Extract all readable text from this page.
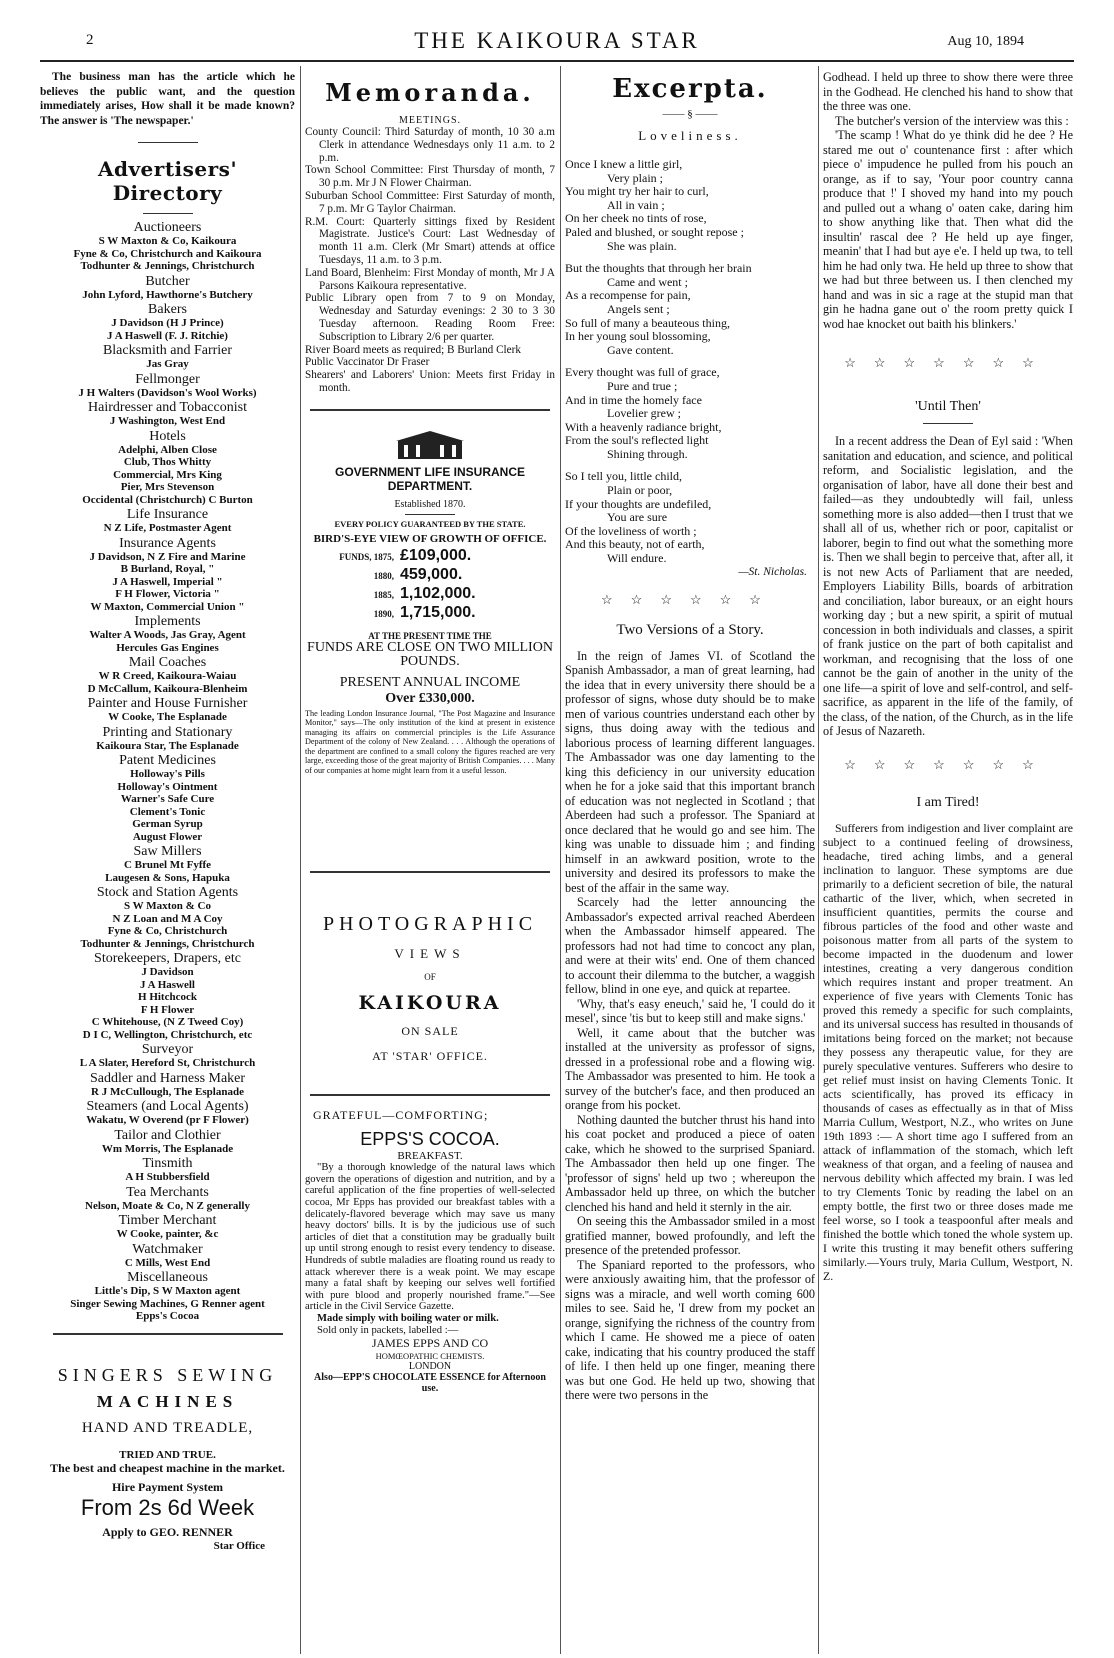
2	THE KAIKOURA STAR	Aug 10, 1894

The business man has the article which he believes the public want, and the question immediately arises, How shall it be made known? The answer is 'The newspaper.'

Advertisers' Directory
Auctioneers
S W Maxton & Co, Kaikoura
Fyne & Co, Christchurch and Kaikoura
Todhunter & Jennings, Christchurch
Butcher
John Lyford, Hawthorne's Butchery
Bakers
J Davidson (H J Prince)
J A Haswell (F. J. Ritchie)
Blacksmith and Farrier
Jas Gray
Fellmonger
J H Walters (Davidson's Wool Works)
Hairdresser and Tobacconist
J Washington, West End
Hotels
Adelphi, Alben Close
Club, Thos Whitty
Commercial, Mrs King
Pier, Mrs Stevenson
Occidental (Christchurch) C Burton
Life Insurance
N Z Life, Postmaster Agent
Insurance Agents
J Davidson, N Z Fire and Marine
B Burland, Royal, "
J A Haswell, Imperial "
F H Flower, Victoria "
W Maxton, Commercial Union "
Implements
Walter A Woods, Jas Gray, Agent
Hercules Gas Engines
Mail Coaches
W R Creed, Kaikoura-Waiau
D McCallum, Kaikoura-Blenheim
Painter and House Furnisher
W Cooke, The Esplanade
Printing and Stationary
Kaikoura Star, The Esplanade
Patent Medicines
Holloway's Pills
Holloway's Ointment
Warner's Safe Cure
Clement's Tonic
German Syrup
August Flower
Saw Millers
C Brunel Mt Fyffe
Laugesen & Sons, Hapuka
Stock and Station Agents
S W Maxton & Co
N Z Loan and M A Coy
Fyne & Co, Christchurch
Todhunter & Jennings, Christchurch
Storekeepers, Drapers, etc
J Davidson
J A Haswell
H Hitchcock
F H Flower
C Whitehouse, (N Z Tweed Coy)
D I C, Wellington, Christchurch, etc
Surveyor
L A Slater, Hereford St, Christchurch
Saddler and Harness Maker
R J McCullough, The Esplanade
Steamers (and Local Agents)
Wakatu, W Overend (pr F Flower)
Tailor and Clothier
Wm Morris, The Esplanade
Tinsmith
A H Stubbersfield
Tea Merchants
Nelson, Moate & Co, N Z generally
Timber Merchant
W Cooke, painter, &c
Watchmaker
C Mills, West End
Miscellaneous
Little's Dip, S W Maxton agent
Singer Sewing Machines, G Renner agent
Epps's Cocoa
SINGERS SEWING
MACHINES
HAND AND TREADLE,
TRIED AND TRUE.
The best and cheapest machine in the market.
Hire Payment System
From 2s 6d Week
Apply to GEO. RENNER
Star Office
Memoranda.
MEETINGS.

County Council: Third Saturday of month, 10 30 a.m Clerk in attendance Wednesdays only 11 a.m. to 2 p.m.

Town School Committee: First Thursday of month, 7 30 p.m. Mr J N Flower Chairman.

Suburban School Committee: First Saturday of month, 7 p.m. Mr G Taylor Chairman.

R.M. Court: Quarterly sittings fixed by Resident Magistrate. Justice's Court: Last Wednesday of month 11 a.m. Clerk (Mr Smart) attends at office Tuesdays, 11 a.m. to 3 p.m.

Land Board, Blenheim: First Monday of month, Mr J A Parsons Kaikoura representative.

Public Library open from 7 to 9 on Monday, Wednesday and Saturday evenings: 2 30 to 3 30 Tuesday afternoon. Reading Room Free: Subscription to Library 2/6 per quarter.

River Board meets as required; B Burland Clerk

Public Vaccinator Dr Fraser

Shearers' and Laborers' Union: Meets first Friday in month.

GOVERNMENT LIFE INSURANCE DEPARTMENT.
Established 1870.
EVERY POLICY GUARANTEED BY THE STATE.
BIRD'S-EYE VIEW OF GROWTH OF OFFICE.
FUNDS, 1875, £109,000.
1880, 459,000.
1885, 1,102,000.
1890, 1,715,000.
AT THE PRESENT TIME THE
FUNDS ARE CLOSE ON TWO MILLION POUNDS.
PRESENT ANNUAL INCOME
Over £330,000.

The leading London Insurance Journal, "The Post Magazine and Insurance Monitor," says—The only institution of the kind at present in existence managing its affairs on commercial principles is the Life Assurance Department of the colony of New Zealand. . . . Although the operations of the department are confined to a small colony the figures reached are very large, exceeding those of the great majority of British Companies. . . . Many of our companies at home might learn from it a useful lesson.

PHOTOGRAPHIC
VIEWS
OF
KAIKOURA
ON SALE
AT 'STAR' OFFICE.
GRATEFUL—COMFORTING;
EPPS'S COCOA.
BREAKFAST.

"By a thorough knowledge of the natural laws which govern the operations of digestion and nutrition, and by a careful application of the fine properties of well-selected cocoa, Mr Epps has provided our breakfast tables with a delicately-flavored beverage which may save us many heavy doctors' bills. It is by the judicious use of such articles of diet that a constitution may be gradually built up until strong enough to resist every tendency to disease. Hundreds of subtle maladies are floating round us ready to attack wherever there is a weak point. We may escape many a fatal shaft by keeping our selves well fortified with pure blood and properly nourished frame."—See article in the Civil Service Gazette.

Made simply with boiling water or milk.

Sold only in packets, labelled :—

JAMES EPPS AND CO
HOMŒOPATHIC CHEMISTS.
LONDON
Also—EPP'S CHOCOLATE ESSENCE for Afternoon use.
Excerpta.
—— § ——
Loveliness.
Once I knew a little girl,
Very plain ;
You might try her hair to curl,
All in vain ;
On her cheek no tints of rose,
Paled and blushed, or sought repose ;
She was plain.
But the thoughts that through her brain
Came and went ;
As a recompense for pain,
Angels sent ;
So full of many a beauteous thing,
In her young soul blossoming,
Gave content.
Every thought was full of grace,
Pure and true ;
And in time the homely face
Lovelier grew ;
With a heavenly radiance bright,
From the soul's reflected light
Shining through.
So I tell you, little child,
Plain or poor,
If your thoughts are undefiled,
You are sure
Of the loveliness of worth ;
And this beauty, not of earth,
Will endure.
—St. Nicholas.
☆☆☆☆☆☆
Two Versions of a Story.

In the reign of James VI. of Scotland the Spanish Ambassador, a man of great learning, had the idea that in every university there should be a professor of signs, whose duty should be to make men of various countries understand each other by signs, thus doing away with the tedious and laborious process of learning different languages. The Ambassador was one day lamenting to the king this deficiency in our university education when he for a joke said that this important branch of education was not neglected in Scotland ; that Aberdeen had such a professor. The Spaniard at once declared that he would go and see him. The king was unable to dissuade him ; and finding himself in an awkward position, wrote to the university and desired its professors to make the best of the affair in the same way.

Scarcely had the letter announcing the Ambassador's expected arrival reached Aberdeen when the Ambassador himself appeared. The professors had not had time to concoct any plan, and were at their wits' end. One of them chanced to account their dilemma to the butcher, a waggish fellow, blind in one eye, and quick at repartee.

'Why, that's easy eneuch,' said he, 'I could do it mesel', since 'tis but to keep still and make signs.'

Well, it came about that the butcher was installed at the university as professor of signs, dressed in a professional robe and a flowing wig. The Ambassador was presented to him. He took a survey of the butcher's face, and then produced an orange from his pocket.

Nothing daunted the butcher thrust his hand into his coat pocket and produced a piece of oaten cake, which he showed to the surprised Spaniard. The Ambassador then held up one finger. The 'professor of signs' held up two ; whereupon the Ambassador held up three, on which the butcher clenched his hand and held it sternly in the air.

On seeing this the Ambassador smiled in a most gratified manner, bowed profoundly, and left the presence of the pretended professor.

The Spaniard reported to the professors, who were anxiously awaiting him, that the professor of signs was a miracle, and well worth coming 600 miles to see. Said he, 'I drew from my pocket an orange, signifying the richness of the country from which I came. He showed me a piece of oaten cake, indicating that his country produced the staff of life. I then held up one finger, meaning there was but one God. He held up two, showing that there were two persons in the

Godhead. I held up three to show there were three in the Godhead. He clenched his hand to show that the three was one.

The butcher's version of the interview was this :

'The scamp ! What do ye think did he dee ? He stared me out o' countenance first : after which piece o' impudence he pulled from his pouch an orange, as if to say, 'Your poor country canna produce that !' I shoved my hand into my pouch and pulled out a whang o' oaten cake, daring him to show anything like that. Then what did the insultin' rascal dee ? He held up aye finger, meanin' that I had but aye e'e. I held up twa, to tell him he had only twa. He held up three to show that we had but three between us. I then clenched my hand and was in sic a rage at the stupid man that gin he hadna gane out o' the room pretty quick I wod hae knocket out baith his blinkers.'

☆☆☆☆☆☆☆
'Until Then'

In a recent address the Dean of Eyl said : 'When sanitation and education, and science, and political reform, and Socialistic legislation, and the organisation of labor, have all done their best and failed—as they undoubtedly will fail, unless something more is also added—then I trust that we shall all of us, whether rich or poor, capitalist or laborer, begin to find out what the something more is. Then we shall begin to perceive that, after all, it is not new Acts of Parliament that are needed, Employers Liability Bills, boards of arbitration and conciliation, labor bureaux, or an eight hours working day ; but a new spirit, a spirit of mutual concession in both individuals and classes, a spirit of frank justice on the part of both capitalist and workman, and recognising that the loss of one cannot be the gain of another in the unity of the one life—a spirit of love and self-control, and self-sacrifice, as apparent in the life of the family, of the class, of the nation, of the Church, as in the life of Jesus of Nazareth.

☆☆☆☆☆☆☆
I am Tired!

Sufferers from indigestion and liver complaint are subject to a continued feeling of drowsiness, headache, tired aching limbs, and a general inclination to languor. These symptoms are due primarily to a deficient secretion of bile, the natural cathartic of the liver, which, when secreted in insufficient quantities, permits the course and fibrous particles of the food and other waste and poisonous matter from all parts of the system to become impacted in the duodenum and lower intestines, creating a very dangerous condition which requires instant and proper treatment. An experience of five years with Clements Tonic has proved this remedy a specific for such complaints, and its universal success has resulted in thousands of imitations being forced on the market; not because they possess any therapeutic value, for they are purely speculative ventures. Sufferers who desire to get relief must insist on having Clements Tonic. It acts scientifically, has proved its efficacy in thousands of cases as effectually as in that of Miss Marria Cullum, Westport, N.Z., who writes on June 19th 1893 :— A short time ago I suffered from an attack of inflammation of the stomach, which left weakness of that organ, and a feeling of nausea and nervous debility which affected my brain. I was led to try Clements Tonic by reading the label on an empty bottle, the first two or three doses made me feel worse, so I took a teaspoonful after meals and finished the bottle which toned the whole system up. I write this trusting it may benefit others suffering similarly.—Yours truly, Maria Cullum, Westport, N. Z.
